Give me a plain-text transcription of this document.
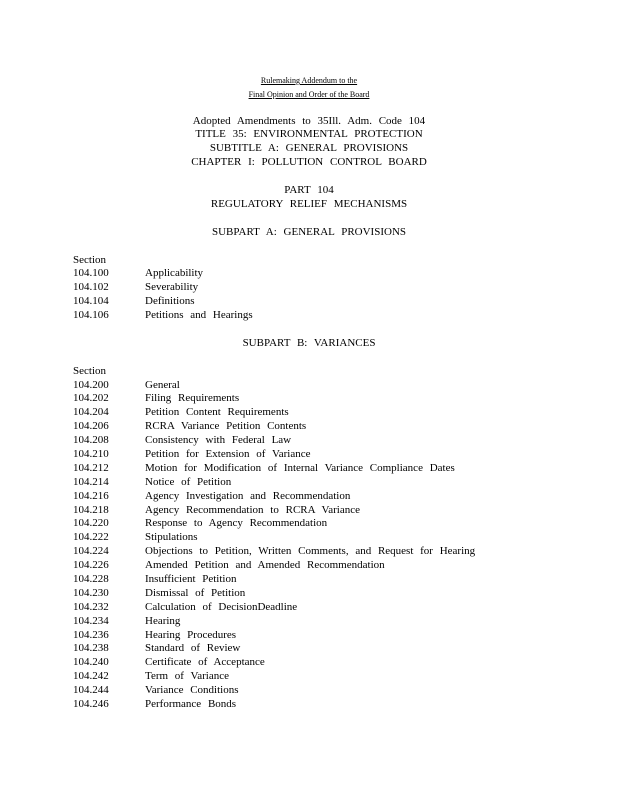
Rulemaking Addendum to the
Final Opinion and Order of the Board
Adopted Amendments to 35Ill. Adm. Code 104
TITLE 35: ENVIRONMENTAL PROTECTION
SUBTITLE A: GENERAL PROVISIONS
CHAPTER I: POLLUTION CONTROL BOARD
PART 104
REGULATORY RELIEF MECHANISMS
SUBPART A: GENERAL PROVISIONS
Section
104.100	Applicability
104.102	Severability
104.104	Definitions
104.106	Petitions and Hearings
SUBPART B: VARIANCES
Section
104.200	General
104.202	Filing Requirements
104.204	Petition Content Requirements
104.206	RCRA Variance Petition Contents
104.208	Consistency with Federal Law
104.210	Petition for Extension of Variance
104.212	Motion for Modification of Internal Variance Compliance Dates
104.214	Notice of Petition
104.216	Agency Investigation and Recommendation
104.218	Agency Recommendation to RCRA Variance
104.220	Response to Agency Recommendation
104.222	Stipulations
104.224	Objections to Petition, Written Comments, and Request for Hearing
104.226	Amended Petition and Amended Recommendation
104.228	Insufficient Petition
104.230	Dismissal of Petition
104.232	Calculation of DecisionDeadline
104.234	Hearing
104.236	Hearing Procedures
104.238	Standard of Review
104.240	Certificate of Acceptance
104.242	Term of Variance
104.244	Variance Conditions
104.246	Performance Bonds
